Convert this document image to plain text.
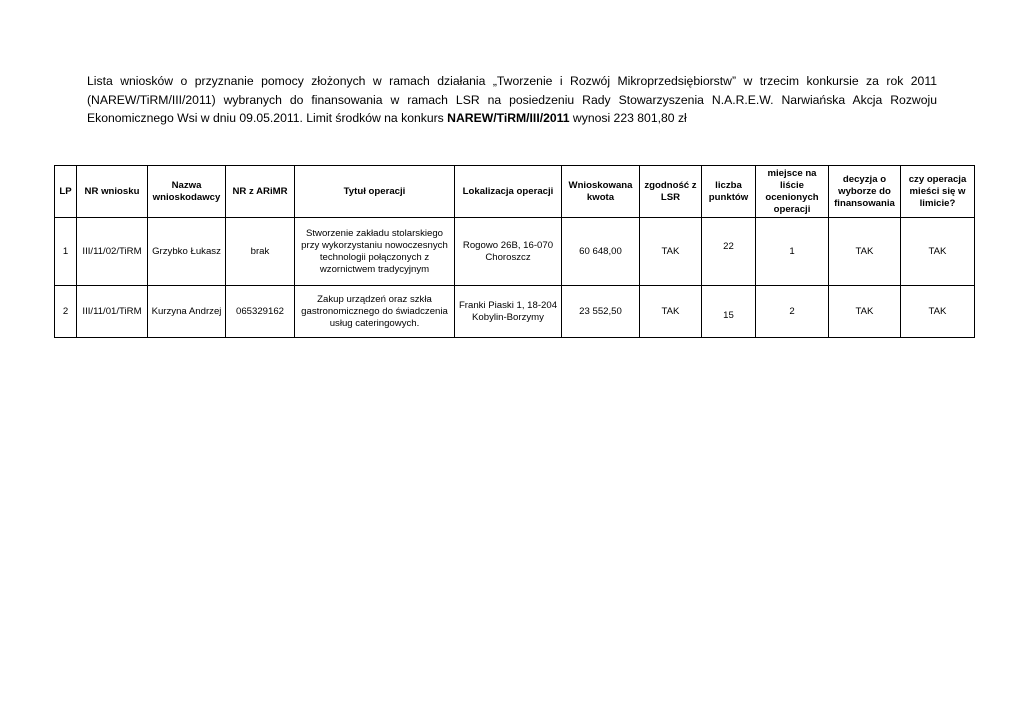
Lista wniosków o przyznanie pomocy złożonych w ramach działania „Tworzenie i Rozwój Mikroprzedsiębiorstw” w trzecim konkursie za rok 2011 (NAREW/TiRM/III/2011) wybranych do finansowania w ramach LSR na posiedzeniu Rady Stowarzyszenia N.A.R.E.W. Narwiańska Akcja Rozwoju Ekonomicznego Wsi w dniu 09.05.2011. Limit środków na konkurs NAREW/TiRM/III/2011 wynosi 223 801,80 zł

LP	NR wniosku	Nazwa wnioskodawcy	NR z ARiMR	Tytuł operacji	Lokalizacja operacji	Wnioskowana kwota	zgodność z LSR	liczba punktów	miejsce na liście ocenionych operacji	decyzja o wyborze do finansowania	czy operacja mieści się w limicie?
1	III/11/02/TiRM	Grzybko Łukasz	brak	Stworzenie zakładu stolarskiego przy wykorzystaniu nowoczesnych technologii połączonych z wzornictwem tradycyjnym	Rogowo 26B, 16-070 Choroszcz	60 648,00	TAK	22	1	TAK	TAK
2	III/11/01/TiRM	Kurzyna Andrzej	065329162	Zakup urządzeń oraz szkła gastronomicznego do świadczenia usług cateringowych.	Franki Piaski 1, 18-204 Kobylin-Borzymy	23 552,50	TAK	15	2	TAK	TAK
